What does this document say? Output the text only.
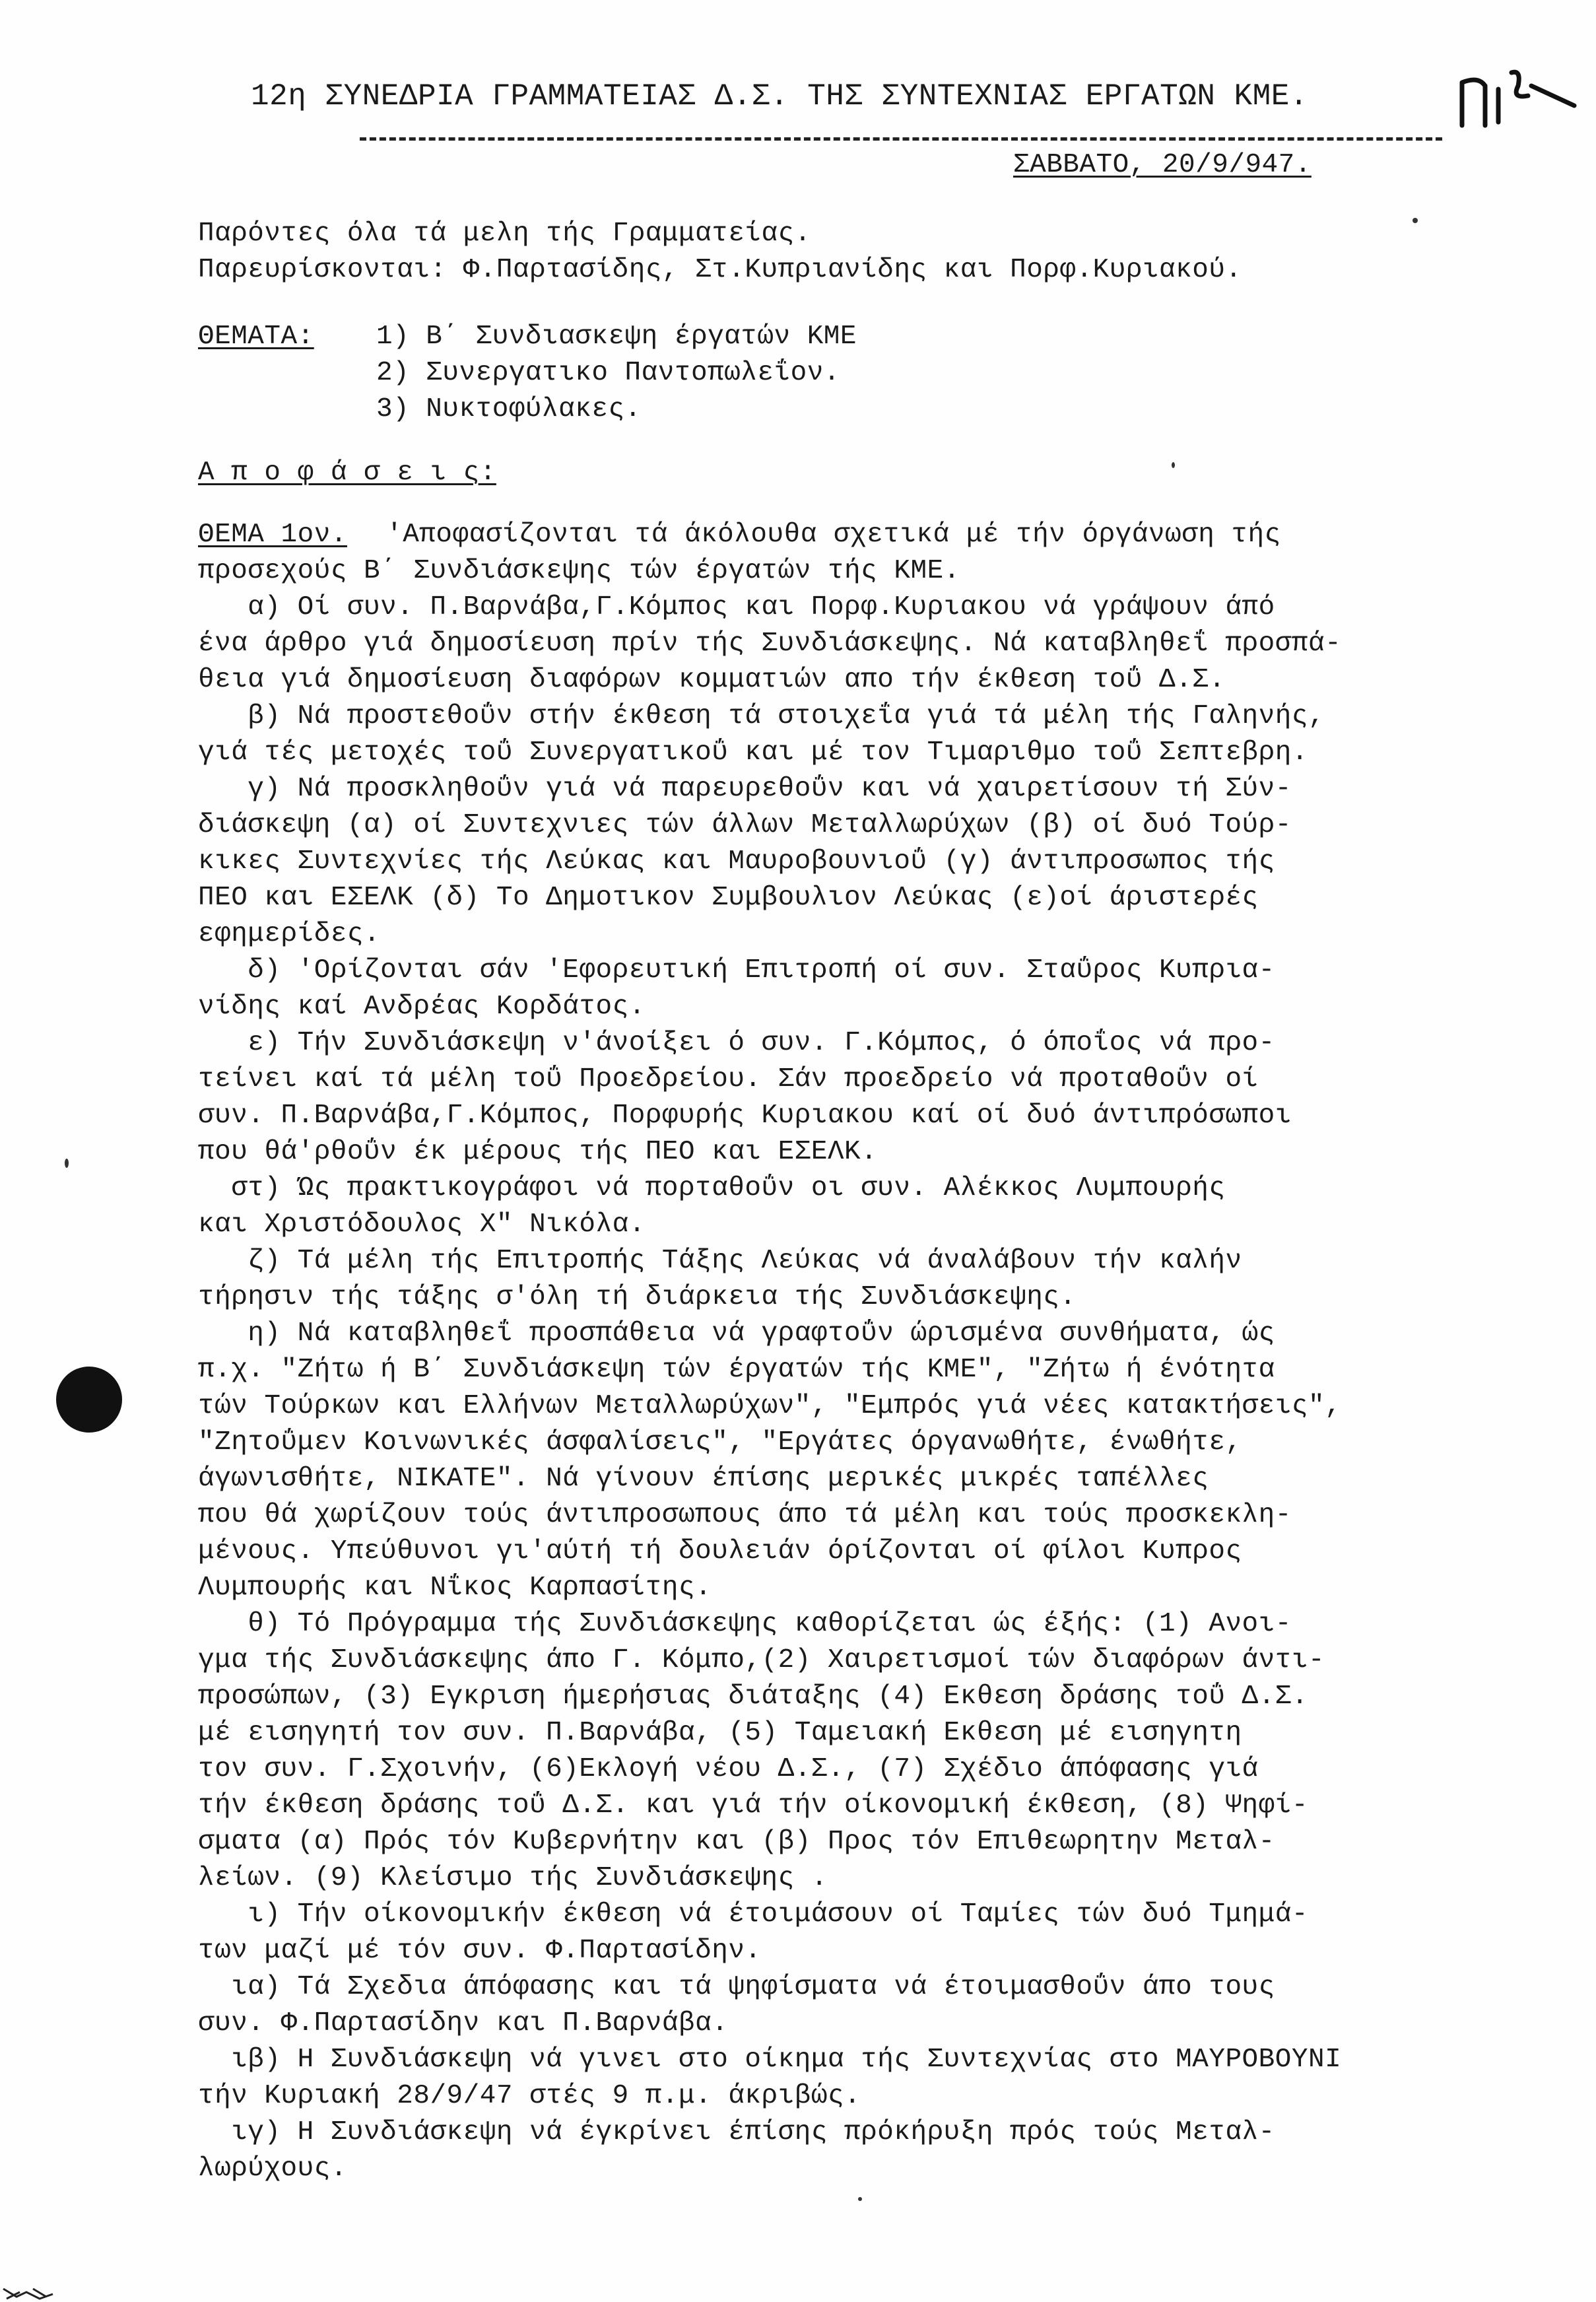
12η ΣΥΝΕΔΡΙΑ ΓΡΑΜΜΑΤΕΙΑΣ Δ.Σ. ΤΗΣ ΣΥΝΤΕΧΝΙΑΣ ΕΡΓΑΤΩΝ ΚΜΕ.
ΣΑΒΒΑΤΟ, 20/9/947.
Παρόντες όλα τά μελη τής Γραμματείας.
Παρευρίσκονται: Φ.Παρτασίδης, Στ.Κυπριανίδης και Πορφ.Κυριακού.
ΘΕΜΑΤΑ: 1) Β΄ Συνδιασκεψη έργατών ΚΜΕ
2) Συνεργατικο Παντοπωλεΐον.
3) Νυκτοφύλακες.
Α π ο φ ά σ ε ι ς:
ΘΕΜΑ 1ον. 'Αποφασίζονται τά άκόλουθα σχετικά μέ τήν όργάνωση τής
προσεχούς Β΄ Συνδιάσκεψης τών έργατών τής ΚΜΕ.
α) Οί συν. Π.Βαρνάβα,Γ.Κόμπος και Πορφ.Κυριακου νά γράψουν άπό
ένα άρθρο γιά δημοσίευση πρίν τής Συνδιάσκεψης. Νά καταβληθεΐ προσπά-
θεια γιά δημοσίευση διαφόρων κομματιών απο τήν έκθεση τοΰ Δ.Σ.
β) Νά προστεθοΰν στήν έκθεση τά στοιχεΐα γιά τά μέλη τής Γαληνής,
γιά τές μετοχές τοΰ Συνεργατικοΰ και μέ τον Τιμαριθμο τοΰ Σεπτεβρη.
γ) Νά προσκληθοΰν γιά νά παρευρεθοΰν και νά χαιρετίσουν τή Σύν-
διάσκεψη (α) οί Συντεχνιες τών άλλων Μεταλλωρύχων (β) οί δυό Τούρ-
κικες Συντεχνίες τής Λεύκας και Μαυροβουνιοΰ (γ) άντιπροσωπος τής
ΠΕΟ και ΕΣΕΛΚ (δ) Το Δημοτικον Συμβουλιον Λεύκας (ε)οί άριστερές
εφημερίδες.
δ) 'Ορίζονται σάν 'Εφορευτική Επιτροπή οί συν. Σταΰρος Κυπρια-
νίδης καί Ανδρέας Κορδάτος.
ε) Τήν Συνδιάσκεψη ν'άνοίξει ό συν. Γ.Κόμπος, ό όποΐος νά προ-
τείνει καί τά μέλη τοΰ Προεδρείου. Σάν προεδρείο νά προταθοΰν οί
συν. Π.Βαρνάβα,Γ.Κόμπος, Πορφυρής Κυριακου καί οί δυό άντιπρόσωποι
που θά'ρθοΰν έκ μέρους τής ΠΕΟ και ΕΣΕΛΚ.
στ) Ώς πρακτικογράφοι νά πορταθοΰν οι συν. Αλέκκος Λυμπουρής
και Χριστόδουλος Χ" Νικόλα.
ζ) Τά μέλη τής Επιτροπής Τάξης Λεύκας νά άναλάβουν τήν καλήν
τήρησιν τής τάξης σ'όλη τή διάρκεια τής Συνδιάσκεψης.
η) Νά καταβληθεΐ προσπάθεια νά γραφτοΰν ώρισμένα συνθήματα, ώς
π.χ. "Ζήτω ή Β΄ Συνδιάσκεψη τών έργατών τής ΚΜΕ", "Ζήτω ή ένότητα
τών Τούρκων και Ελλήνων Μεταλλωρύχων", "Εμπρός γιά νέες κατακτήσεις",
"Ζητοΰμεν Κοινωνικές άσφαλίσεις", "Εργάτες όργανωθήτε, ένωθήτε,
άγωνισθήτε, ΝΙΚΑΤΕ". Νά γίνουν έπίσης μερικές μικρές ταπέλλες
που θά χωρίζουν τούς άντιπροσωπους άπο τά μέλη και τούς προσκεκλη-
μένους. Υπεύθυνοι γι'αύτή τή δουλειάν όρίζονται οί φίλοι Κυπρος
Λυμπουρής και Νΐκος Καρπασίτης.
θ) Τό Πρόγραμμα τής Συνδιάσκεψης καθορίζεται ώς έξής: (1) Ανοι-
γμα τής Συνδιάσκεψης άπο Γ. Κόμπο,(2) Χαιρετισμοί τών διαφόρων άντι-
προσώπων, (3) Εγκριση ήμερήσιας διάταξης (4) Εκθεση δράσης τοΰ Δ.Σ.
μέ εισηγητή τον συν. Π.Βαρνάβα, (5) Ταμειακή Εκθεση μέ εισηγητη
τον συν. Γ.Σχοινήν, (6)Εκλογή νέου Δ.Σ., (7) Σχέδιο άπόφασης γιά
τήν έκθεση δράσης τοΰ Δ.Σ. και γιά τήν οίκονομική έκθεση, (8) Ψηφί-
σματα (α) Πρός τόν Κυβερνήτην και (β) Προς τόν Επιθεωρητην Μεταλ-
λείων. (9) Κλείσιμο τής Συνδιάσκεψης .
ι) Τήν οίκονομικήν έκθεση νά έτοιμάσουν οί Ταμίες τών δυό Τμημά-
των μαζί μέ τόν συν. Φ.Παρτασίδην.
ια) Τά Σχεδια άπόφασης και τά ψηφίσματα νά έτοιμασθοΰν άπο τους
συν. Φ.Παρτασίδην και Π.Βαρνάβα.
ιβ) Η Συνδιάσκεψη νά γινει στο οίκημα τής Συντεχνίας στο ΜΑΥΡΟΒΟΥΝΙ
τήν Κυριακή 28/9/47 στές 9 π.μ. άκριβώς.
ιγ) Η Συνδιάσκεψη νά έγκρίνει έπίσης πρόκήρυξη πρός τούς Μεταλ-
λωρύχους.
